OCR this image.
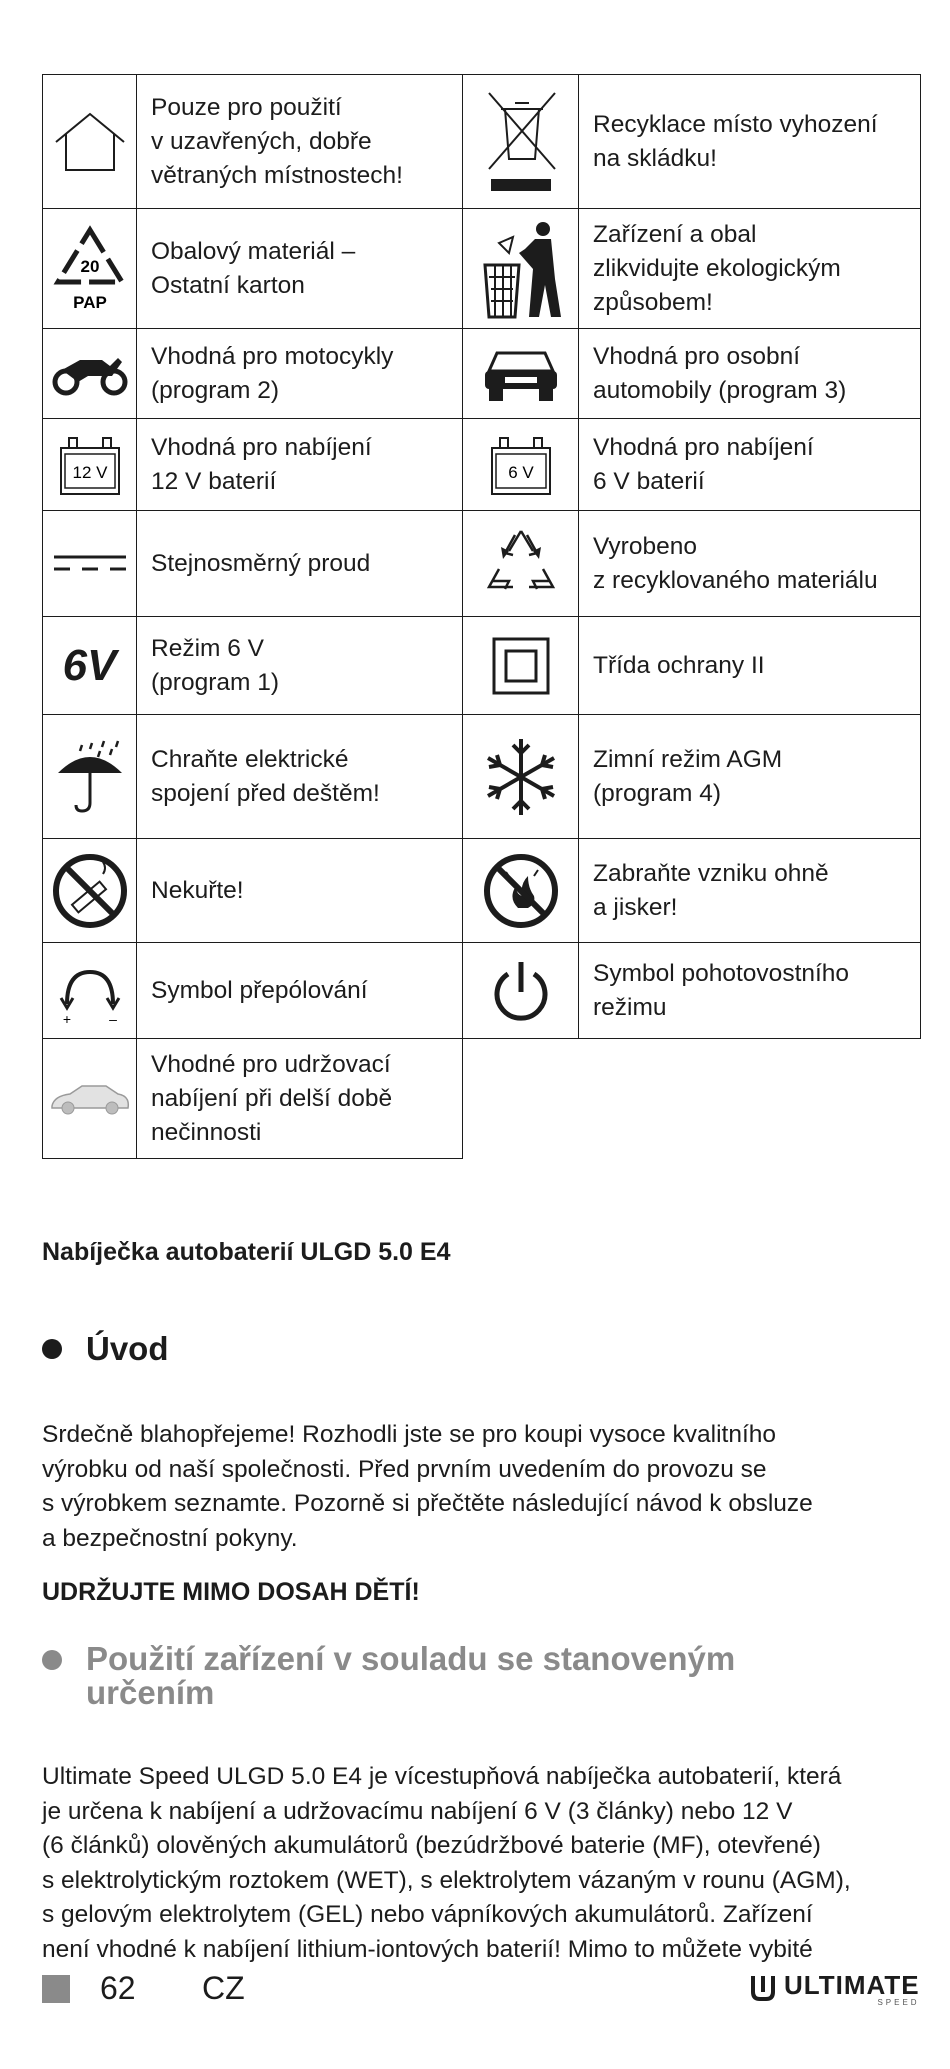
	Pouze pro použití
v uzavřených, dobře
větraných místnostech!		Recyklace místo vyhození
na skládku!

20
PAP	Obalový materiál –
Ostatní karton		Zařízení a obal
zlikvidujte ekologickým
způsobem!
	Vhodná pro motocykly
(program 2)		Vhodná pro osobní
automobily (program 3)

12 V	Vhodná pro nabíjení
12 V baterií	6 V	Vhodná pro nabíjení
6 V baterií
	Stejnosměrný proud		Vyrobeno
z recyklovaného materiálu
6V	Režim 6 V
(program 1)		Třída ochrany II
	Chraňte elektrické
spojení před deštěm!		Zimní režim AGM
(program 4)
	Nekuřte!		Zabraňte vzniku ohně
a jisker!

+ –	Symbol přepólování		Symbol pohotovostního
režimu
	Vhodné pro udržovací
nabíjení při delší době
nečinnosti		
Nabíječka autobaterií ULGD 5.0 E4
Úvod
Srdečně blahopřejeme! Rozhodli jste se pro koupi vysoce kvalitního
výrobku od naší společnosti. Před prvním uvedením do provozu se
s výrobkem seznamte. Pozorně si přečtěte následující návod k obsluze
a bezpečnostní pokyny.
UDRŽUJTE MIMO DOSAH DĚTÍ!
Použití zařízení v souladu se stanoveným
určením
Ultimate Speed ULGD 5.0 E4 je vícestupňová nabíječka autobaterií, která
je určena k nabíjení a udržovacímu nabíjení 6 V (3 články) nebo 12 V
(6 článků) olověných akumulátorů (bezúdržbové baterie (MF), otevřené)
s elektrolytickým roztokem (WET), s elektrolytem vázaným v rounu (AGM),
s gelovým elektrolytem (GEL) nebo vápníkových akumulátorů. Zařízení
není vhodné k nabíjení lithium-iontových baterií! Mimo to můžete vybité
62 CZ	ULTIMATE
SPEED
